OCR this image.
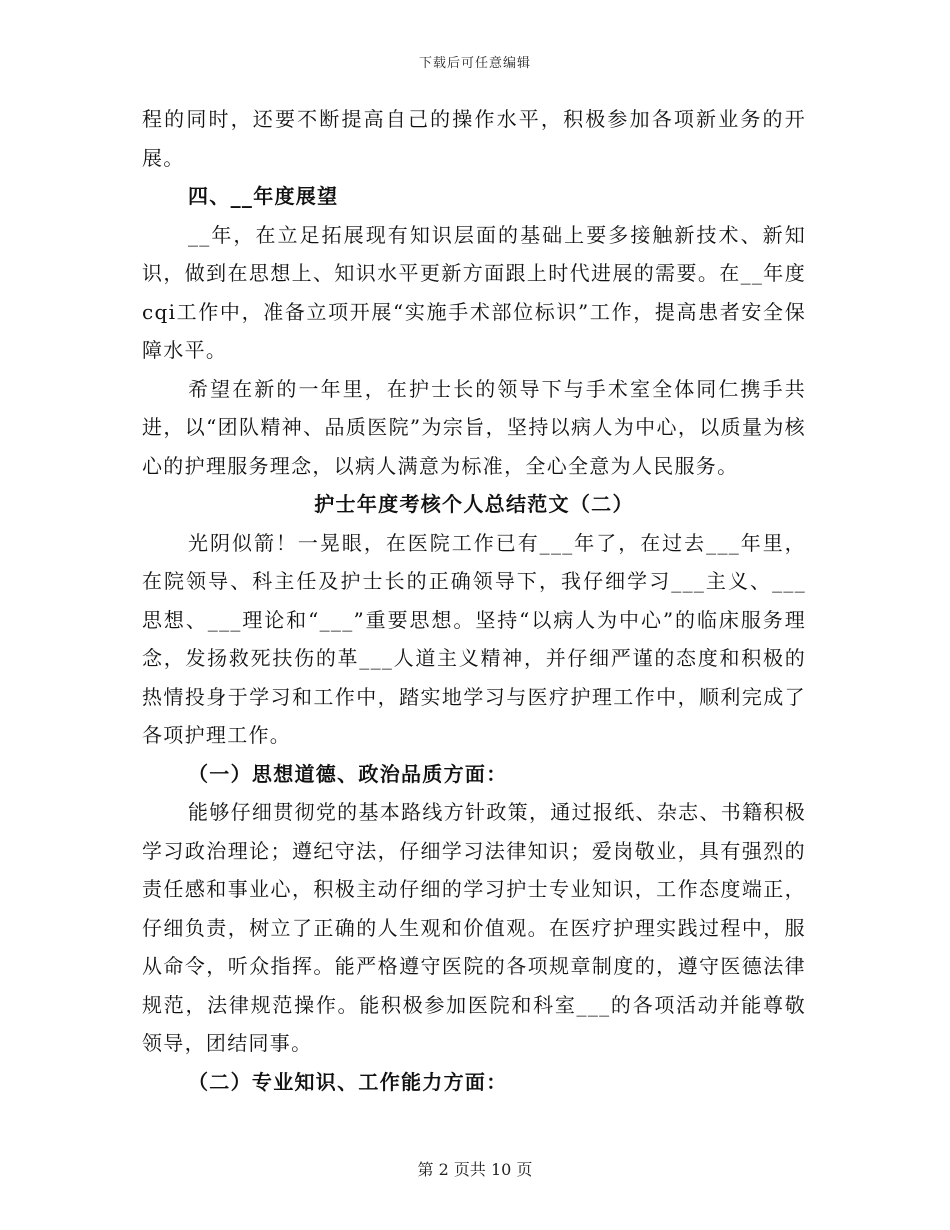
下载后可任意编辑

程的同时，还要不断提高自己的操作水平，积极参加各项新业务的开展。

四、__年度展望

__年，在立足拓展现有知识层面的基础上要多接触新技术、新知识，做到在思想上、知识水平更新方面跟上时代进展的需要。在__年度cqi工作中，准备立项开展“实施手术部位标识”工作，提高患者安全保障水平。

希望在新的一年里，在护士长的领导下与手术室全体同仁携手共进，以“团队精神、品质医院”为宗旨，坚持以病人为中心，以质量为核心的护理服务理念，以病人满意为标准，全心全意为人民服务。

护士年度考核个人总结范文（二）

光阴似箭！一晃眼，在医院工作已有___年了，在过去___年里，在院领导、科主任及护士长的正确领导下，我仔细学习___主义、___思想、___理论和“___”重要思想。坚持“以病人为中心”的临床服务理念，发扬救死扶伤的革___人道主义精神，并仔细严谨的态度和积极的热情投身于学习和工作中，踏实地学习与医疗护理工作中，顺利完成了各项护理工作。

（一）思想道德、政治品质方面：

能够仔细贯彻党的基本路线方针政策，通过报纸、杂志、书籍积极学习政治理论；遵纪守法，仔细学习法律知识；爱岗敬业，具有强烈的责任感和事业心，积极主动仔细的学习护士专业知识，工作态度端正，仔细负责，树立了正确的人生观和价值观。在医疗护理实践过程中，服从命令，听众指挥。能严格遵守医院的各项规章制度的，遵守医德法律规范，法律规范操作。能积极参加医院和科室___的各项活动并能尊敬领导，团结同事。

（二）专业知识、工作能力方面：

第 2 页共 10 页
